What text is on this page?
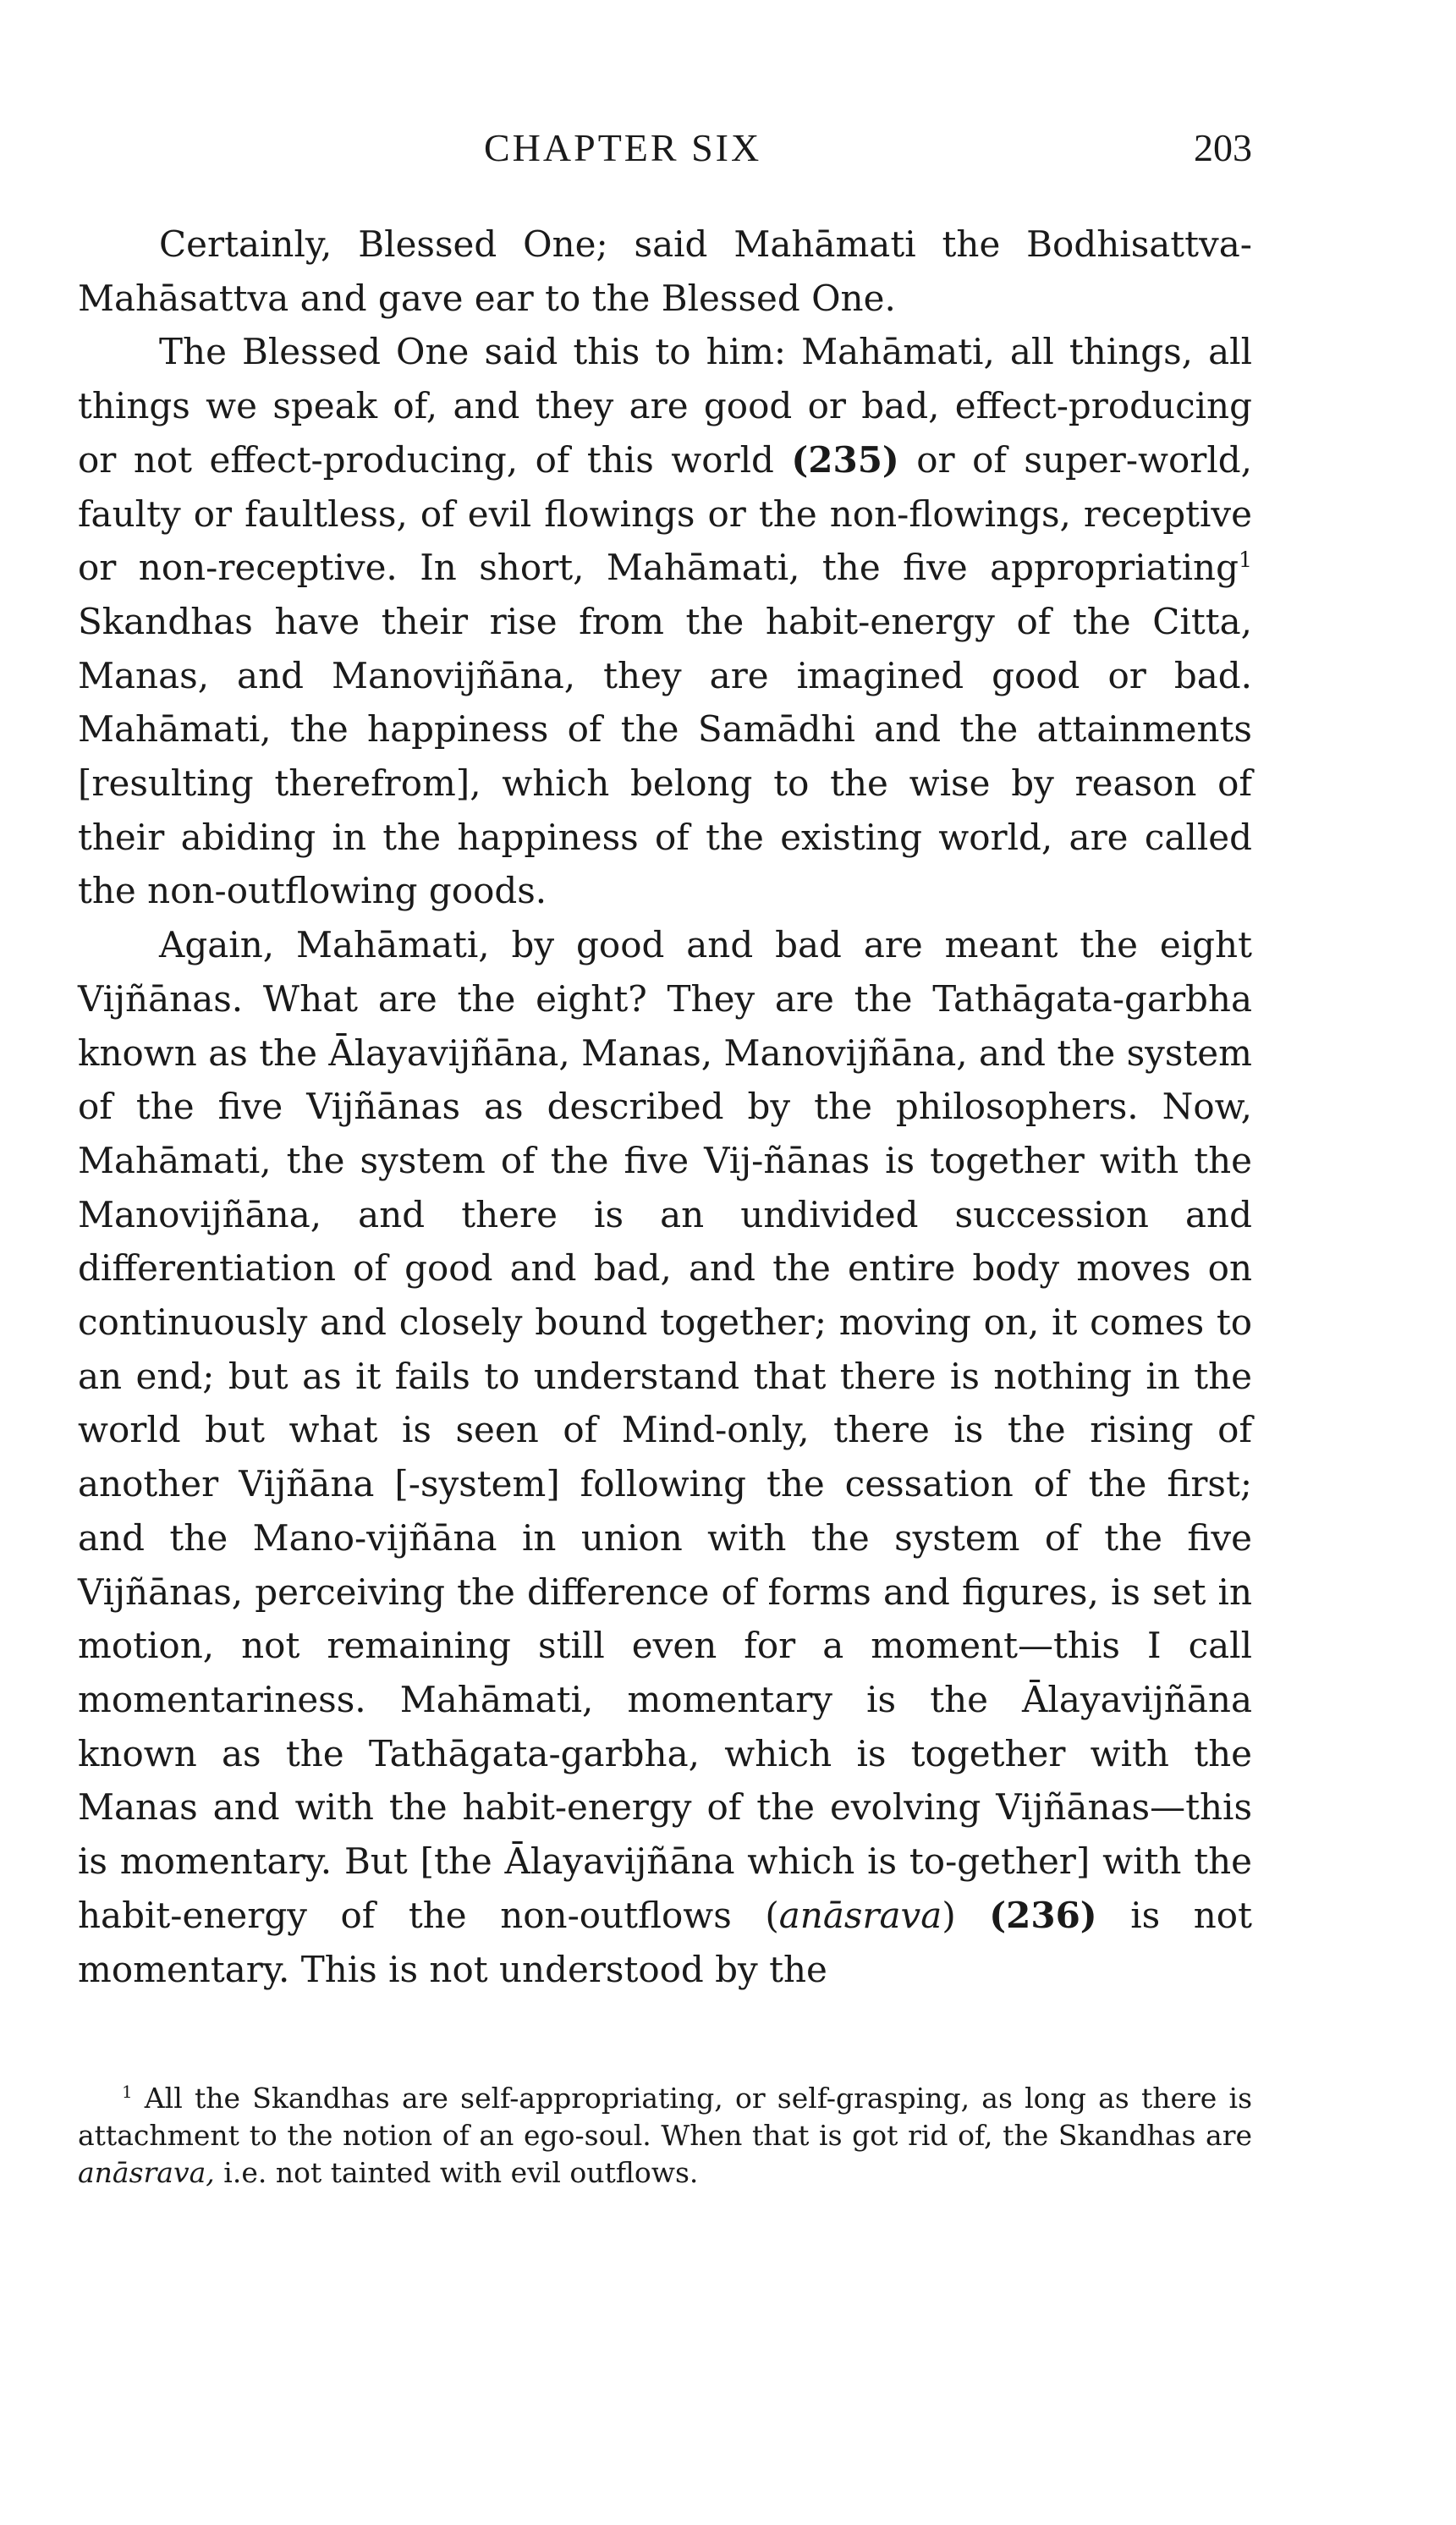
CHAPTER SIX	203

Certainly, Blessed One; said Mahāmati the Bodhisattva-Mahāsattva and gave ear to the Blessed One.

The Blessed One said this to him: Mahāmati, all things, all things we speak of, and they are good or bad, effect-producing or not effect-producing, of this world (235) or of super-world, faulty or faultless, of evil flowings or the non-flowings, receptive or non-receptive. In short, Mahāmati, the five appropriating$^1$ Skandhas have their rise from the habit-energy of the Citta, Manas, and Manovijñāna, they are imagined good or bad. Mahāmati, the happiness of the Samādhi and the attainments [resulting therefrom], which belong to the wise by reason of their abiding in the happiness of the existing world, are called the non-outflowing goods.

Again, Mahāmati, by good and bad are meant the eight Vijñānas. What are the eight? They are the Tathāgata-garbha known as the Ālayavijñāna, Manas, Manovijñāna, and the system of the five Vijñānas as described by the philosophers. Now, Mahāmati, the system of the five Vij-ñānas is together with the Manovijñāna, and there is an undivided succession and differentiation of good and bad, and the entire body moves on continuously and closely bound together; moving on, it comes to an end; but as it fails to understand that there is nothing in the world but what is seen of Mind-only, there is the rising of another Vijñāna [-system] following the cessation of the first; and the Mano-vijñāna in union with the system of the five Vijñānas, perceiving the difference of forms and figures, is set in motion, not remaining still even for a moment—this I call momentariness. Mahāmati, momentary is the Ālayavijñāna known as the Tathāgata-garbha, which is together with the Manas and with the habit-energy of the evolving Vijñānas—this is momentary. But [the Ālayavijñāna which is to-gether] with the habit-energy of the non-outflows (anāsrava) (236) is not momentary. This is not understood by the

$^1$ All the Skandhas are self-appropriating, or self-grasping, as long as there is attachment to the notion of an ego-soul. When that is got rid of, the Skandhas are anāsrava, i.e. not tainted with evil outflows.
